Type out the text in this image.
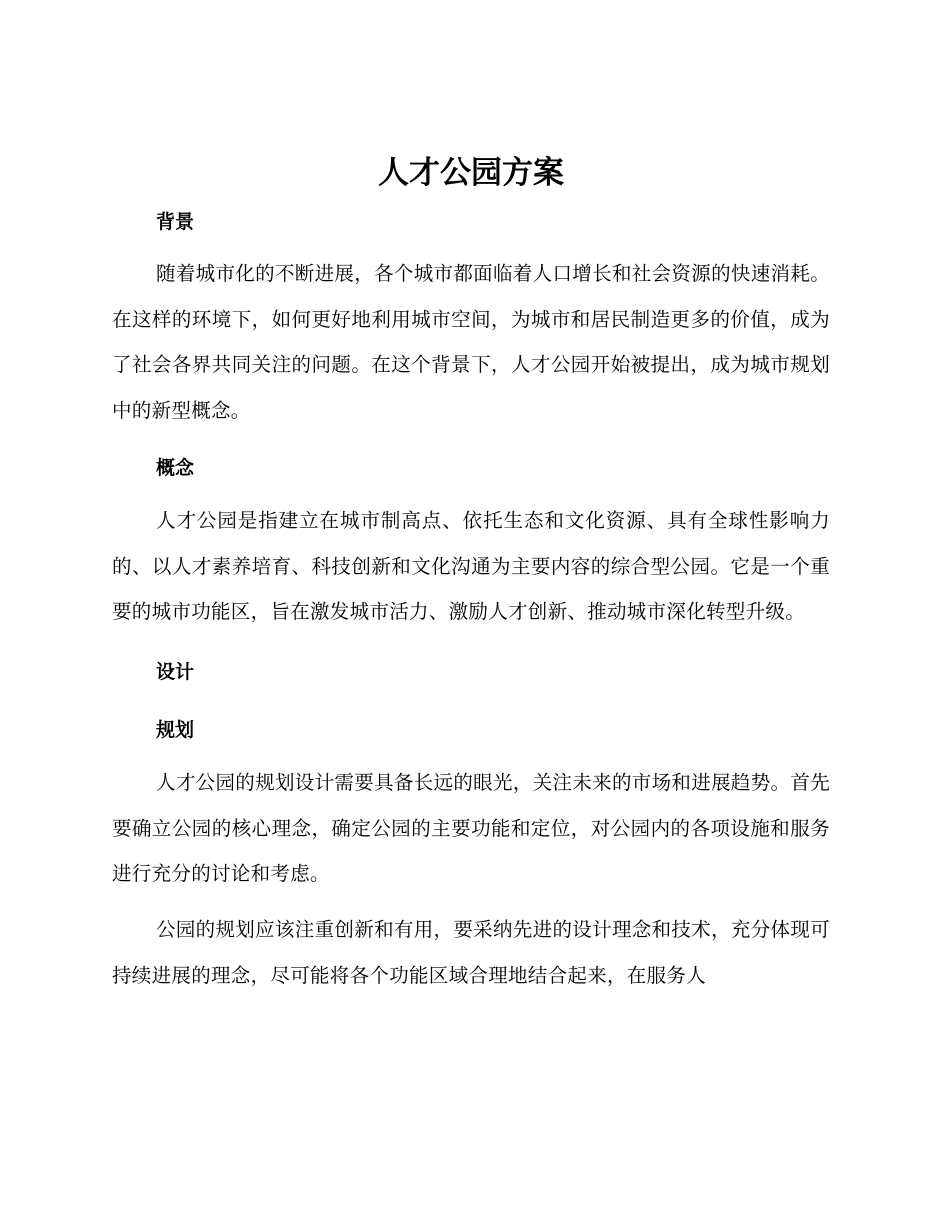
人才公园方案
背景

随着城市化的不断进展，各个城市都面临着人口增长和社会资源的快速消耗。在这样的环境下，如何更好地利用城市空间，为城市和居民制造更多的价值，成为了社会各界共同关注的问题。在这个背景下，人才公园开始被提出，成为城市规划中的新型概念。

概念

人才公园是指建立在城市制高点、依托生态和文化资源、具有全球性影响力的、以人才素养培育、科技创新和文化沟通为主要内容的综合型公园。它是一个重要的城市功能区，旨在激发城市活力、激励人才创新、推动城市深化转型升级。

设计
规划

人才公园的规划设计需要具备长远的眼光，关注未来的市场和进展趋势。首先要确立公园的核心理念，确定公园的主要功能和定位，对公园内的各项设施和服务进行充分的讨论和考虑。

公园的规划应该注重创新和有用，要采纳先进的设计理念和技术，充分体现可持续进展的理念，尽可能将各个功能区域合理地结合起来，在服务人
